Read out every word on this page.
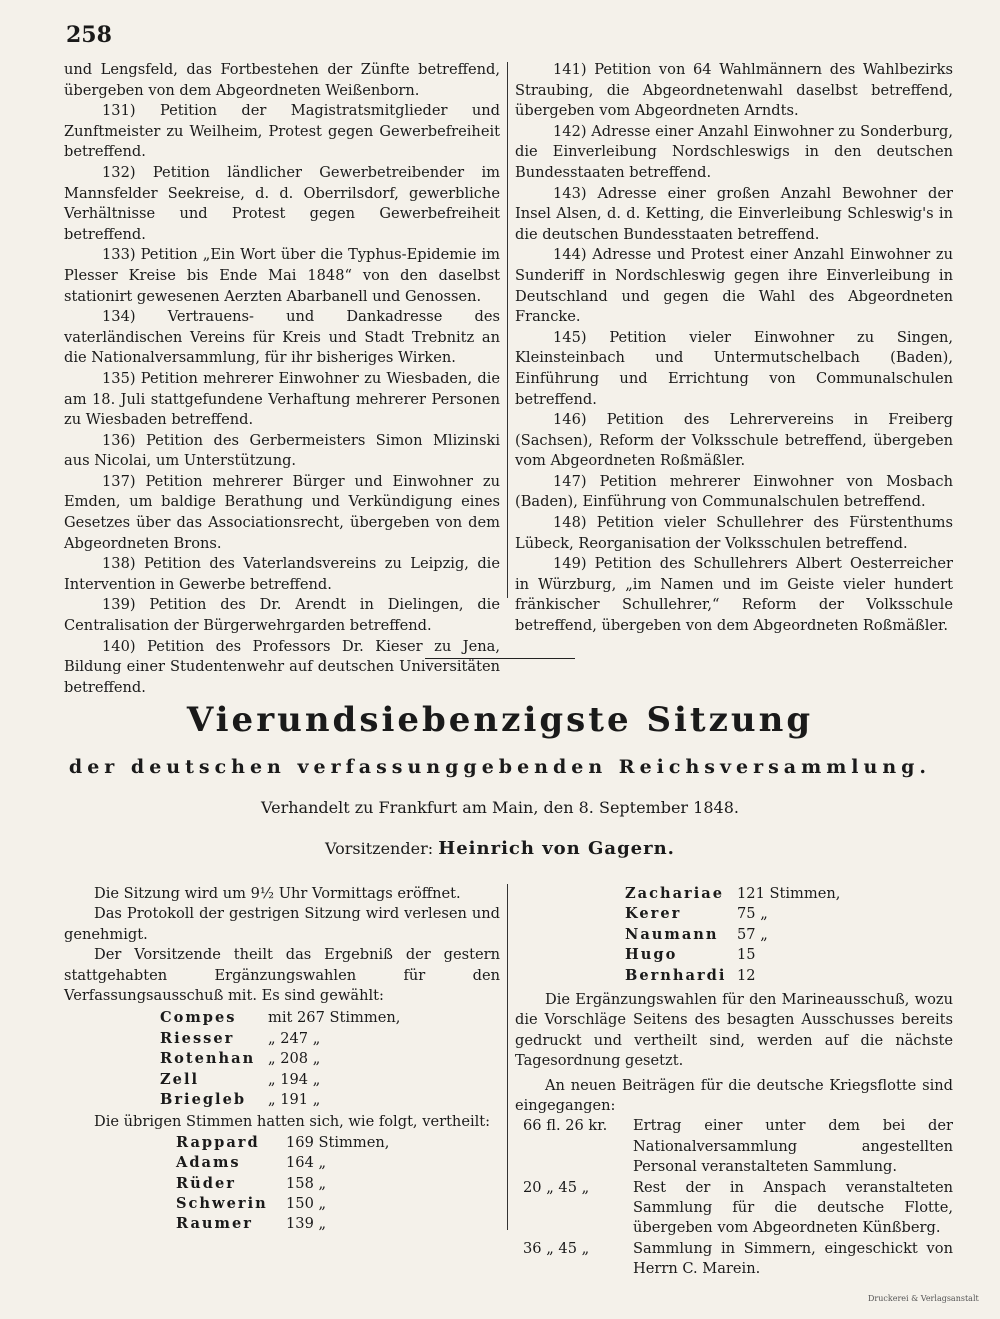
258

und Lengsfeld, das Fortbestehen der Zünfte betreffend, übergeben von dem Abgeordneten Weißenborn.

131) Petition der Magistratsmitglieder und Zunftmeister zu Weilheim, Protest gegen Gewerbefreiheit betreffend.

132) Petition ländlicher Gewerbetreibender im Mannsfelder Seekreise, d. d. Oberrilsdorf, gewerbliche Verhältnisse und Protest gegen Gewerbefreiheit betreffend.

133) Petition „Ein Wort über die Typhus-Epidemie im Plesser Kreise bis Ende Mai 1848“ von den daselbst stationirt gewesenen Aerzten Abarbanell und Genossen.

134) Vertrauens- und Dankadresse des vaterländischen Vereins für Kreis und Stadt Trebnitz an die Nationalversammlung, für ihr bisheriges Wirken.

135) Petition mehrerer Einwohner zu Wiesbaden, die am 18. Juli stattgefundene Verhaftung mehrerer Personen zu Wiesbaden betreffend.

136) Petition des Gerbermeisters Simon Mlizinski aus Nicolai, um Unterstützung.

137) Petition mehrerer Bürger und Einwohner zu Emden, um baldige Berathung und Verkündigung eines Gesetzes über das Associationsrecht, übergeben von dem Abgeordneten Brons.

138) Petition des Vaterlandsvereins zu Leipzig, die Intervention in Gewerbe betreffend.

139) Petition des Dr. Arendt in Dielingen, die Centralisation der Bürgerwehrgarden betreffend.

140) Petition des Professors Dr. Kieser zu Jena, Bildung einer Studentenwehr auf deutschen Universitäten betreffend.

141) Petition von 64 Wahlmännern des Wahlbezirks Straubing, die Abgeordnetenwahl daselbst betreffend, übergeben vom Abgeordneten Arndts.

142) Adresse einer Anzahl Einwohner zu Sonderburg, die Einverleibung Nordschleswigs in den deutschen Bundesstaaten betreffend.

143) Adresse einer großen Anzahl Bewohner der Insel Alsen, d. d. Ketting, die Einverleibung Schleswig's in die deutschen Bundesstaaten betreffend.

144) Adresse und Protest einer Anzahl Einwohner zu Sunderiff in Nordschleswig gegen ihre Einverleibung in Deutschland und gegen die Wahl des Abgeordneten Francke.

145) Petition vieler Einwohner zu Singen, Kleinsteinbach und Untermutschelbach (Baden), Einführung und Errichtung von Communalschulen betreffend.

146) Petition des Lehrervereins in Freiberg (Sachsen), Reform der Volksschule betreffend, übergeben vom Abgeordneten Roßmäßler.

147) Petition mehrerer Einwohner von Mosbach (Baden), Einführung von Communalschulen betreffend.

148) Petition vieler Schullehrer des Fürstenthums Lübeck, Reorganisation der Volksschulen betreffend.

149) Petition des Schullehrers Albert Oesterreicher in Würzburg, „im Namen und im Geiste vieler hundert fränkischer Schullehrer,“ Reform der Volksschule betreffend, übergeben von dem Abgeordneten Roßmäßler.

Vierundsiebenzigste Sitzung
der deutschen verfassunggebenden Reichsversammlung.
Verhandelt zu Frankfurt am Main, den 8. September 1848.
Vorsitzender: Heinrich von Gagern.

Die Sitzung wird um 9½ Uhr Vormittags eröffnet.

Das Protokoll der gestrigen Sitzung wird verlesen und genehmigt.

Der Vorsitzende theilt das Ergebniß der gestern stattgehabten Ergänzungswahlen für den Verfassungsausschuß mit. Es sind gewählt:

Compes	mit 267 Stimmen,
Riesser	„ 247 „
Rotenhan „ 208 „
Zell	„ 194 „
Briegleb	„ 191 „

Die übrigen Stimmen hatten sich, wie folgt, vertheilt:

Rappard	169 Stimmen,
Adams	164 „
Rüder	158 „
Schwerin	150 „
Raumer	139 „
Zachariae 121 Stimmen,
Kerer	75 „
Naumann	57 „
Hugo	15
Bernhardi 12

Die Ergänzungswahlen für den Marineausschuß, wozu die Vorschläge Seitens des besagten Ausschusses bereits gedruckt und vertheilt sind, werden auf die nächste Tagesordnung gesetzt.

An neuen Beiträgen für die deutsche Kriegsflotte sind eingegangen:

66 fl. 26 kr.	Ertrag einer unter dem bei der Nationalversammlung angestellten Personal veranstalteten Sammlung.
20 „ 45 „	Rest der in Anspach veranstalteten Sammlung für die deutsche Flotte, übergeben vom Abgeordneten Künßberg.
36 „ 45 „	Sammlung in Simmern, eingeschickt von Herrn C. Marein.
Druckerei & Verlagsanstalt
